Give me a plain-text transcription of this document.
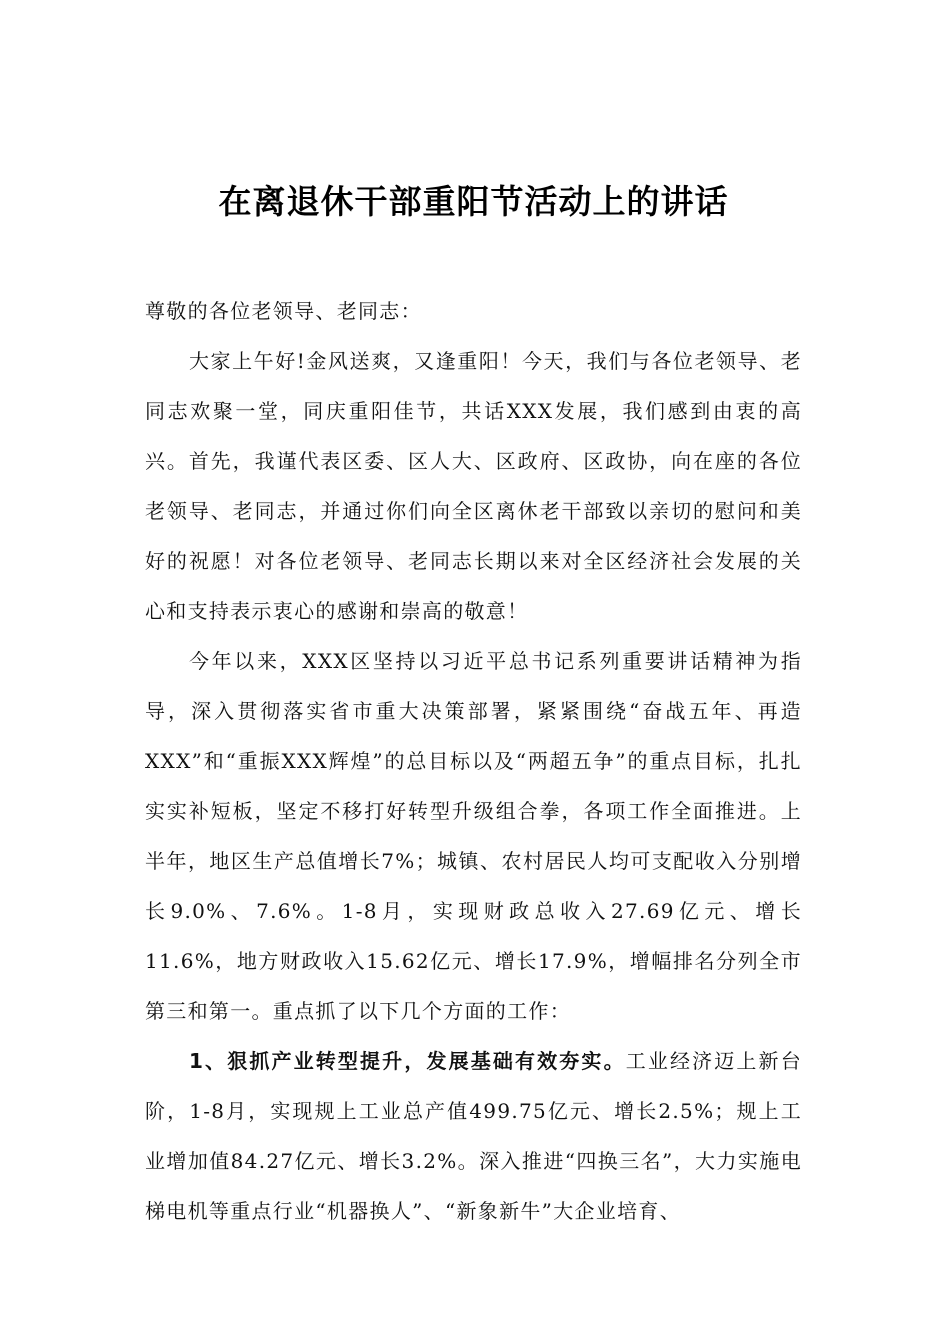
在离退休干部重阳节活动上的讲话

尊敬的各位老领导、老同志：

大家上午好!金风送爽，又逢重阳！今天，我们与各位老领导、老同志欢聚一堂，同庆重阳佳节，共话XXX发展，我们感到由衷的高兴。首先，我谨代表区委、区人大、区政府、区政协，向在座的各位老领导、老同志，并通过你们向全区离休老干部致以亲切的慰问和美好的祝愿！对各位老领导、老同志长期以来对全区经济社会发展的关心和支持表示衷心的感谢和崇高的敬意！

今年以来，XXX区坚持以习近平总书记系列重要讲话精神为指导，深入贯彻落实省市重大决策部署，紧紧围绕“奋战五年、再造XXX”和“重振XXX辉煌”的总目标以及“两超五争”的重点目标，扎扎实实补短板，坚定不移打好转型升级组合拳，各项工作全面推进。上半年，地区生产总值增长7%；城镇、农村居民人均可支配收入分别增长9.0%、7.6%。1-8月，实现财政总收入27.69亿元、增长11.6%，地方财政收入15.62亿元、增长17.9%，增幅排名分列全市第三和第一。重点抓了以下几个方面的工作：

1、狠抓产业转型提升，发展基础有效夯实。工业经济迈上新台阶，1-8月，实现规上工业总产值499.75亿元、增长2.5%；规上工业增加值84.27亿元、增长3.2%。深入推进“四换三名”，大力实施电梯电机等重点行业“机器换人”、“新象新牛”大企业培育、
